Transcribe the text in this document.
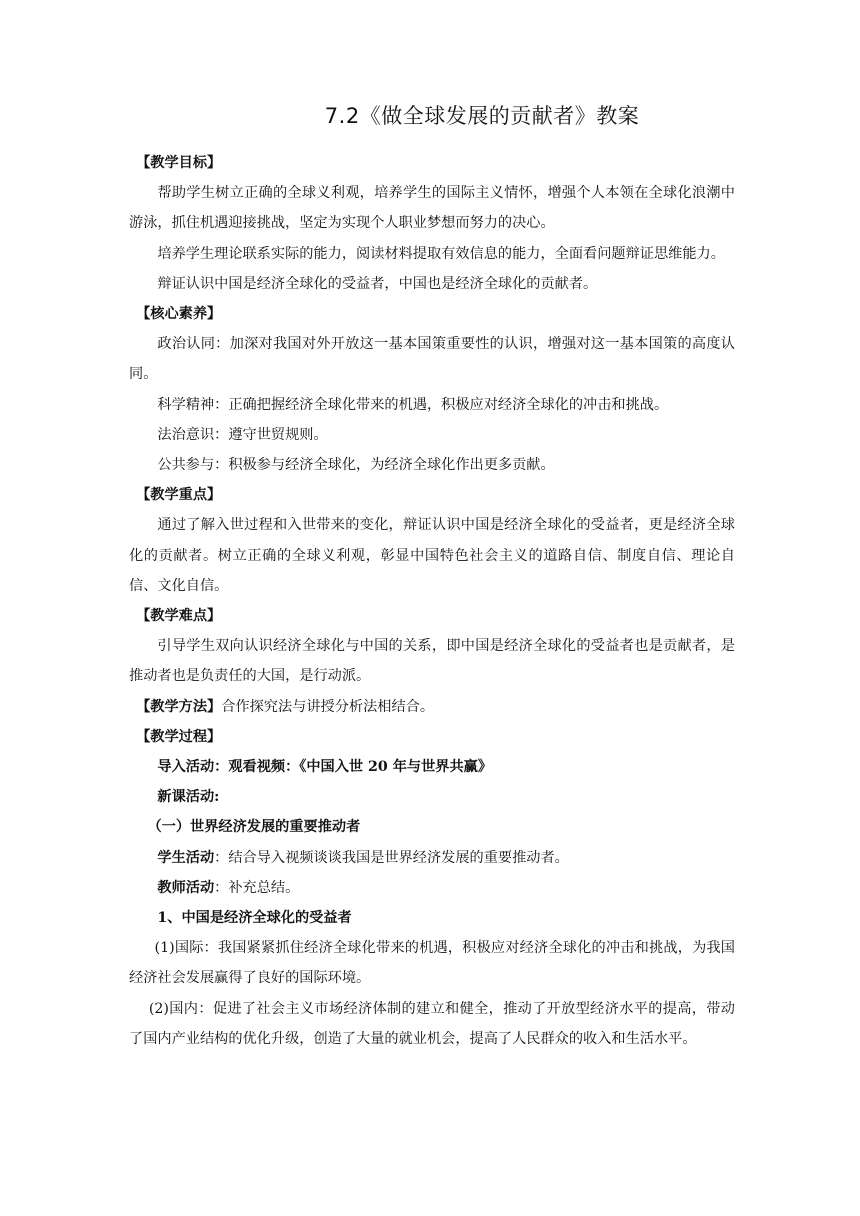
7.2《做全球发展的贡献者》教案

【教学目标】

帮助学生树立正确的全球义利观，培养学生的国际主义情怀，增强个人本领在全球化浪潮中游泳，抓住机遇迎接挑战，坚定为实现个人职业梦想而努力的决心。

培养学生理论联系实际的能力，阅读材料提取有效信息的能力，全面看问题辩证思维能力。

辩证认识中国是经济全球化的受益者，中国也是经济全球化的贡献者。

【核心素养】

政治认同：加深对我国对外开放这一基本国策重要性的认识，增强对这一基本国策的高度认同。

科学精神：正确把握经济全球化带来的机遇，积极应对经济全球化的冲击和挑战。

法治意识：遵守世贸规则。

公共参与：积极参与经济全球化，为经济全球化作出更多贡献。

【教学重点】

通过了解入世过程和入世带来的变化，辩证认识中国是经济全球化的受益者，更是经济全球化的贡献者。树立正确的全球义利观，彰显中国特色社会主义的道路自信、制度自信、理论自信、文化自信。

【教学难点】

引导学生双向认识经济全球化与中国的关系，即中国是经济全球化的受益者也是贡献者，是推动者也是负责任的大国，是行动派。

【教学方法】合作探究法与讲授分析法相结合。

【教学过程】

导入活动：观看视频：《中国入世 20 年与世界共赢》

新课活动:

（一）世界经济发展的重要推动者

学生活动：结合导入视频谈谈我国是世界经济发展的重要推动者。

教师活动：补充总结。

1、中国是经济全球化的受益者

(1)国际：我国紧紧抓住经济全球化带来的机遇，积极应对经济全球化的冲击和挑战，为我国经济社会发展赢得了良好的国际环境。

(2)国内：促进了社会主义市场经济体制的建立和健全，推动了开放型经济水平的提高，带动了国内产业结构的优化升级，创造了大量的就业机会，提高了人民群众的收入和生活水平。
